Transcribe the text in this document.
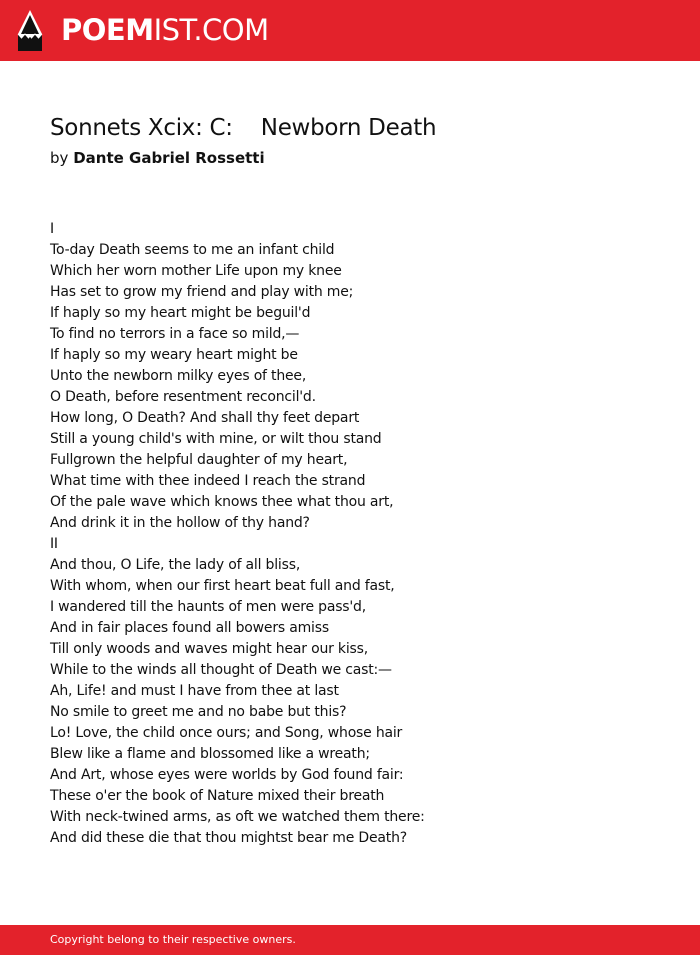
POEMIST.COM
Sonnets Xcix: C:    Newborn Death
by Dante Gabriel Rossetti
I
To-day Death seems to me an infant child
Which her worn mother Life upon my knee
Has set to grow my friend and play with me;
If haply so my heart might be beguil'd
To find no terrors in a face so mild,—
If haply so my weary heart might be
Unto the newborn milky eyes of thee,
O Death, before resentment reconcil'd.
How long, O Death? And shall thy feet depart
Still a young child's with mine, or wilt thou stand
Fullgrown the helpful daughter of my heart,
What time with thee indeed I reach the strand
Of the pale wave which knows thee what thou art,
And drink it in the hollow of thy hand?
II
And thou, O Life, the lady of all bliss,
With whom, when our first heart beat full and fast,
I wandered till the haunts of men were pass'd,
And in fair places found all bowers amiss
Till only woods and waves might hear our kiss,
While to the winds all thought of Death we cast:—
Ah, Life! and must I have from thee at last
No smile to greet me and no babe but this?
Lo! Love, the child once ours; and Song, whose hair
Blew like a flame and blossomed like a wreath;
And Art, whose eyes were worlds by God found fair:
These o'er the book of Nature mixed their breath
With neck-twined arms, as oft we watched them there:
And did these die that thou mightst bear me Death?
Copyright belong to their respective owners.
